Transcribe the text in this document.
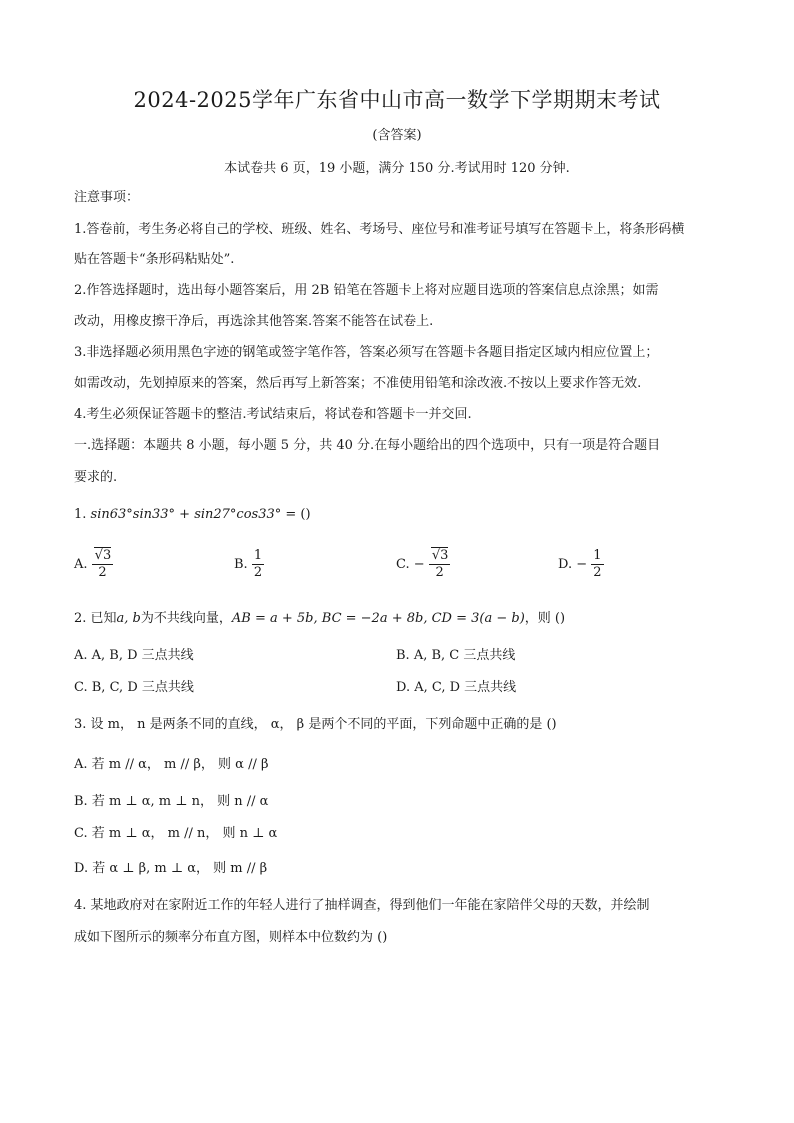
2024-2025学年广东省中山市高一数学下学期期末考试
(含答案)
本试卷共 6 页，19 小题，满分 150 分.考试用时 120 分钟.
注意事项：
1.答卷前，考生务必将自己的学校、班级、姓名、考场号、座位号和准考证号填写在答题卡上，将条形码横
贴在答题卡“条形码粘贴处”.
2.作答选择题时，选出每小题答案后，用 2B 铅笔在答题卡上将对应题目选项的答案信息点涂黑；如需
改动，用橡皮擦干净后，再选涂其他答案.答案不能答在试卷上.
3.非选择题必须用黑色字迹的钢笔或签字笔作答，答案必须写在答题卡各题目指定区域内相应位置上；
如需改动，先划掉原来的答案，然后再写上新答案；不准使用铅笔和涂改液.不按以上要求作答无效.
4.考生必须保证答题卡的整洁.考试结束后，将试卷和答题卡一并交回.
一.选择题：本题共 8 小题，每小题 5 分，共 40 分.在每小题给出的四个选项中，只有一项是符合题目
要求的.
1. sin63°sin33° + sin27°cos33° = ()
A. $\frac{√3}{2}$	B. $\frac{1}{2}$	C. − $\frac{√3}{2}$	D. − $\frac{1}{2}$
2. 已知a, b为不共线向量，AB = a + 5b, BC = −2a + 8b, CD = 3(a − b)，则 ()
A. A, B, D 三点共线	B. A, B, C 三点共线
C. B, C, D 三点共线	D. A, C, D 三点共线
3. 设 m， n 是两条不同的直线， α， β 是两个不同的平面，下列命题中正确的是 ()
A. 若 m // α， m // β， 则 α // β
B. 若 m ⊥ α, m ⊥ n， 则 n // α
C. 若 m ⊥ α， m // n， 则 n ⊥ α
D. 若 α ⊥ β, m ⊥ α， 则 m // β
4. 某地政府对在家附近工作的年轻人进行了抽样调查，得到他们一年能在家陪伴父母的天数，并绘制
成如下图所示的频率分布直方图，则样本中位数约为 ()
